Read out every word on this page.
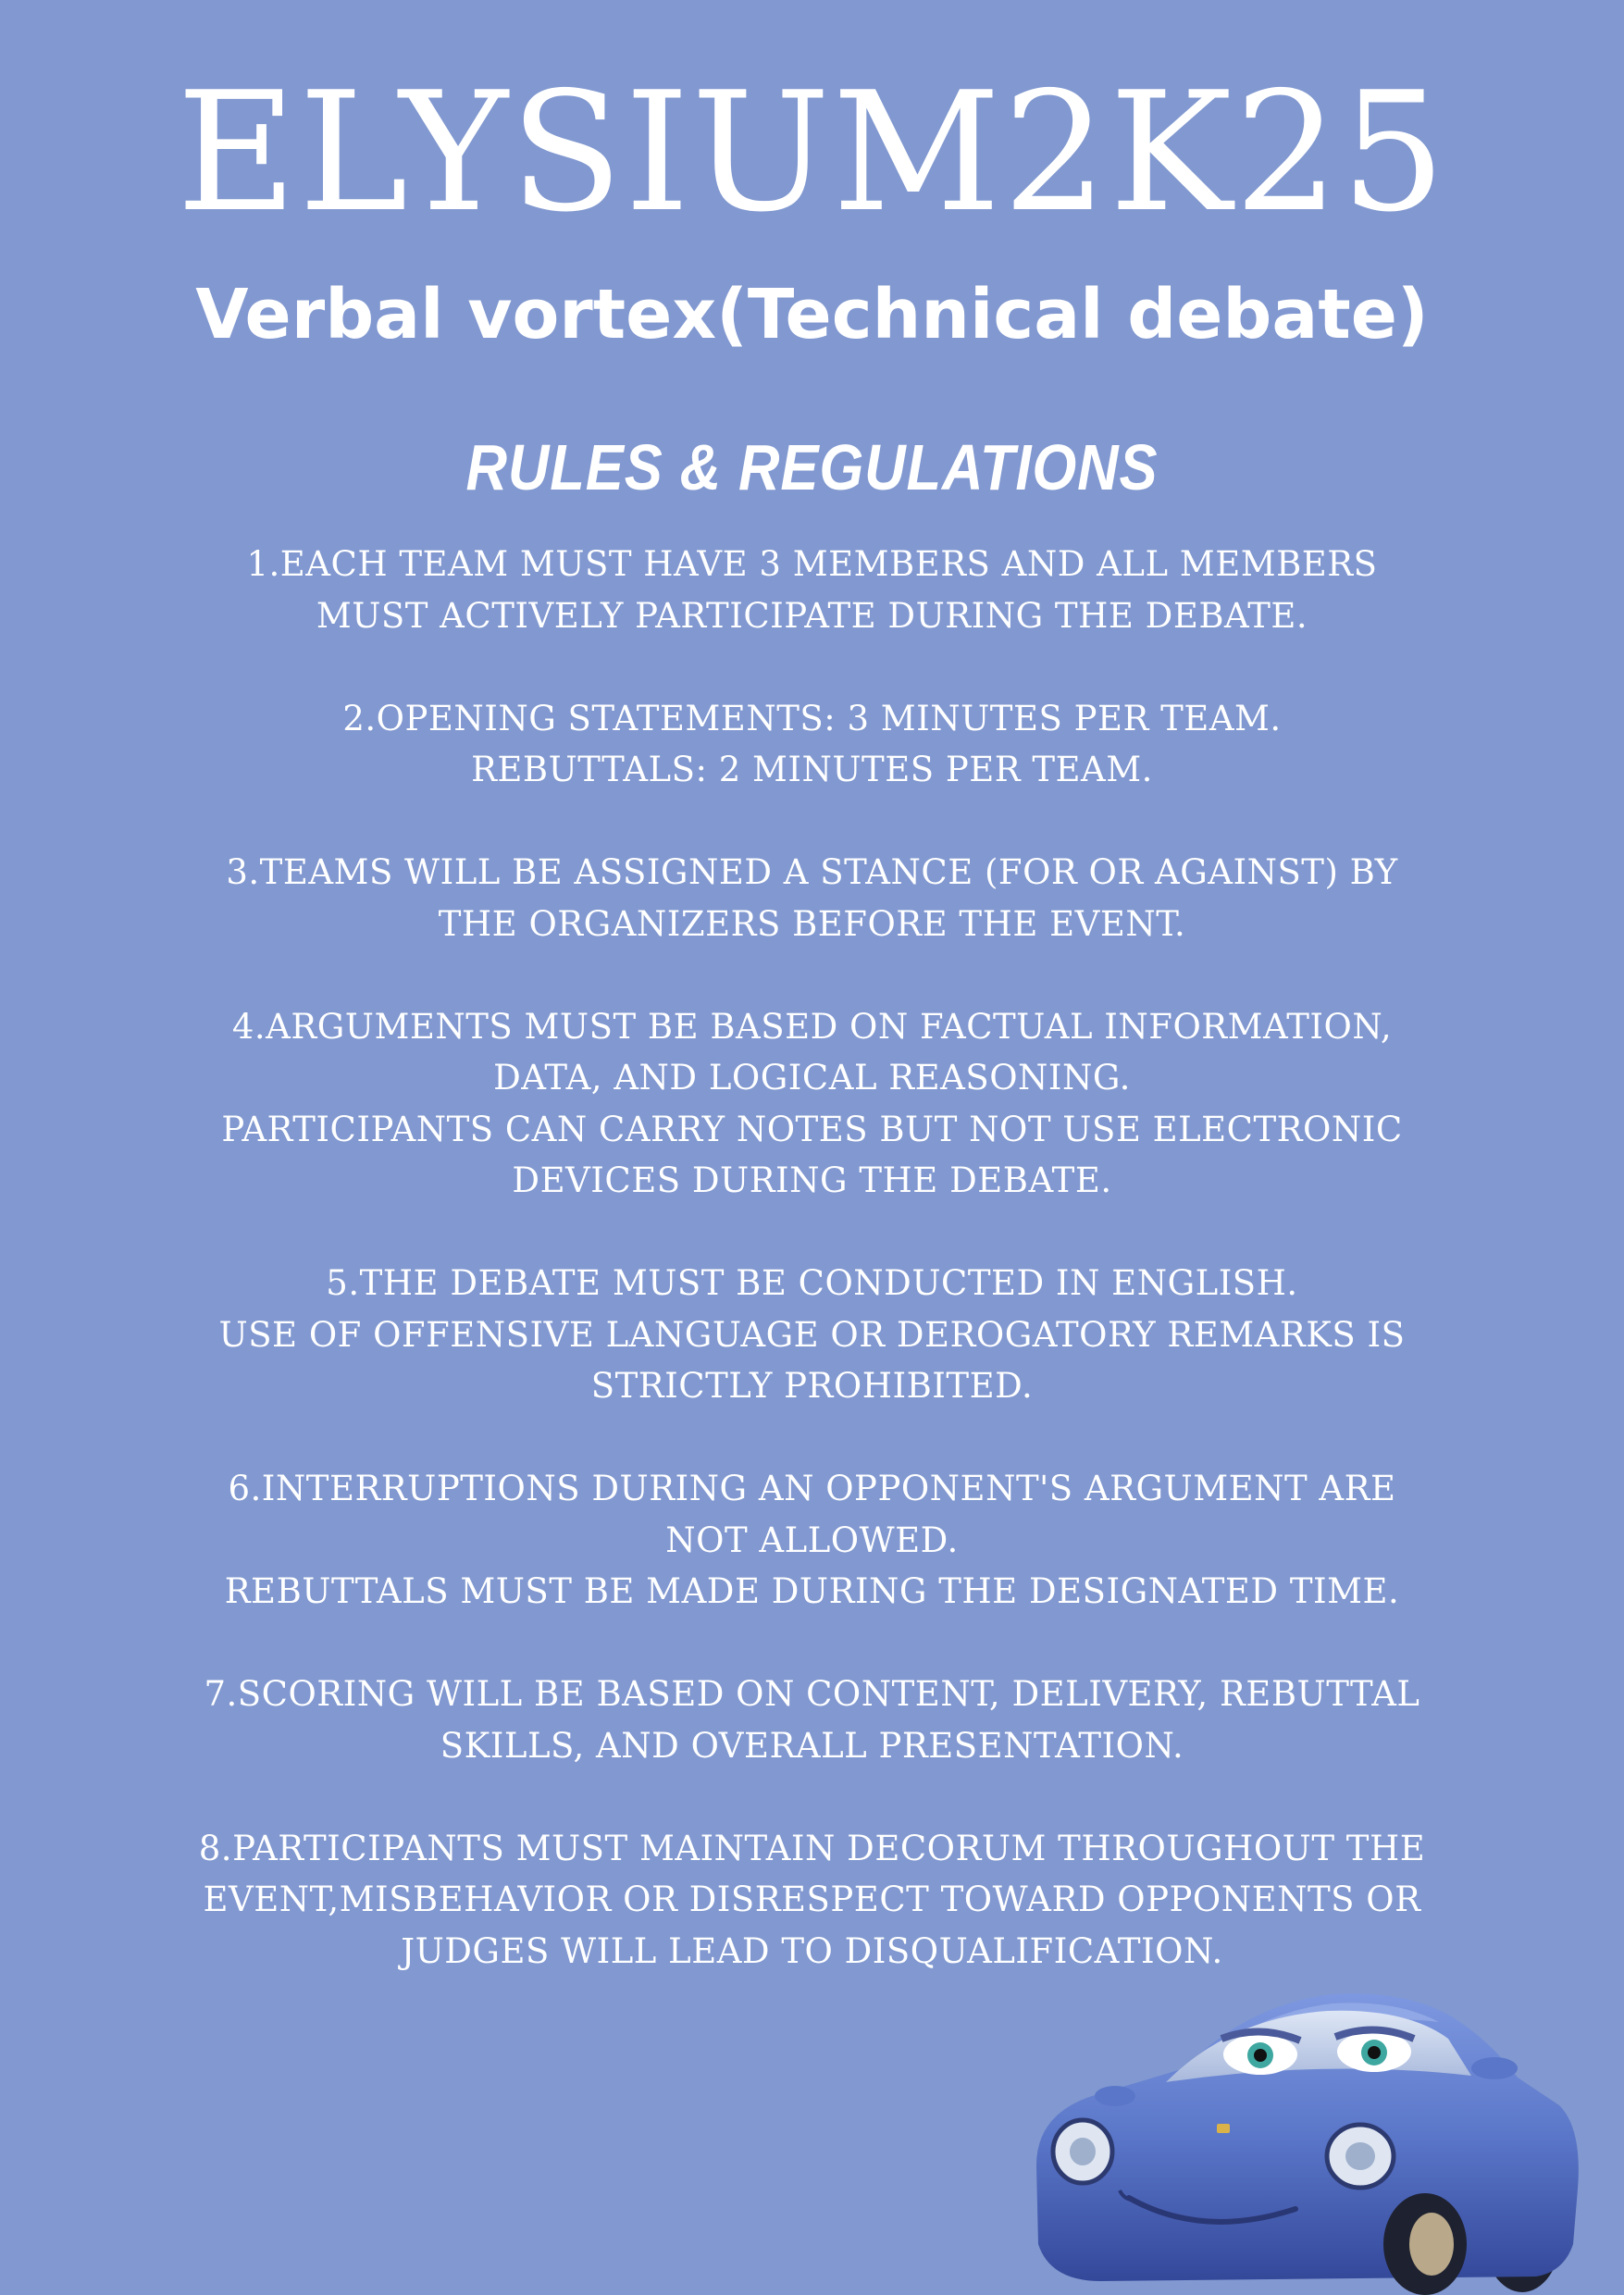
ELYSIUM2K25
Verbal vortex(Technical debate)
RULES & REGULATIONS

1.EACH TEAM MUST HAVE 3 MEMBERS AND ALL MEMBERS MUST ACTIVELY PARTICIPATE DURING THE DEBATE.

2.OPENING STATEMENTS: 3 MINUTES PER TEAM.

REBUTTALS: 2 MINUTES PER TEAM.

3.TEAMS WILL BE ASSIGNED A STANCE (FOR OR AGAINST) BY THE ORGANIZERS BEFORE THE EVENT.

4.ARGUMENTS MUST BE BASED ON FACTUAL INFORMATION, DATA, AND LOGICAL REASONING.

PARTICIPANTS CAN CARRY NOTES BUT NOT USE ELECTRONIC DEVICES DURING THE DEBATE.

5.THE DEBATE MUST BE CONDUCTED IN ENGLISH.

USE OF OFFENSIVE LANGUAGE OR DEROGATORY REMARKS IS STRICTLY PROHIBITED.

6.INTERRUPTIONS DURING AN OPPONENT'S ARGUMENT ARE NOT ALLOWED.

REBUTTALS MUST BE MADE DURING THE DESIGNATED TIME.

7.SCORING WILL BE BASED ON CONTENT, DELIVERY, REBUTTAL SKILLS, AND OVERALL PRESENTATION.

8.PARTICIPANTS MUST MAINTAIN DECORUM THROUGHOUT THE EVENT,MISBEHAVIOR OR DISRESPECT TOWARD OPPONENTS OR JUDGES WILL LEAD TO DISQUALIFICATION.
